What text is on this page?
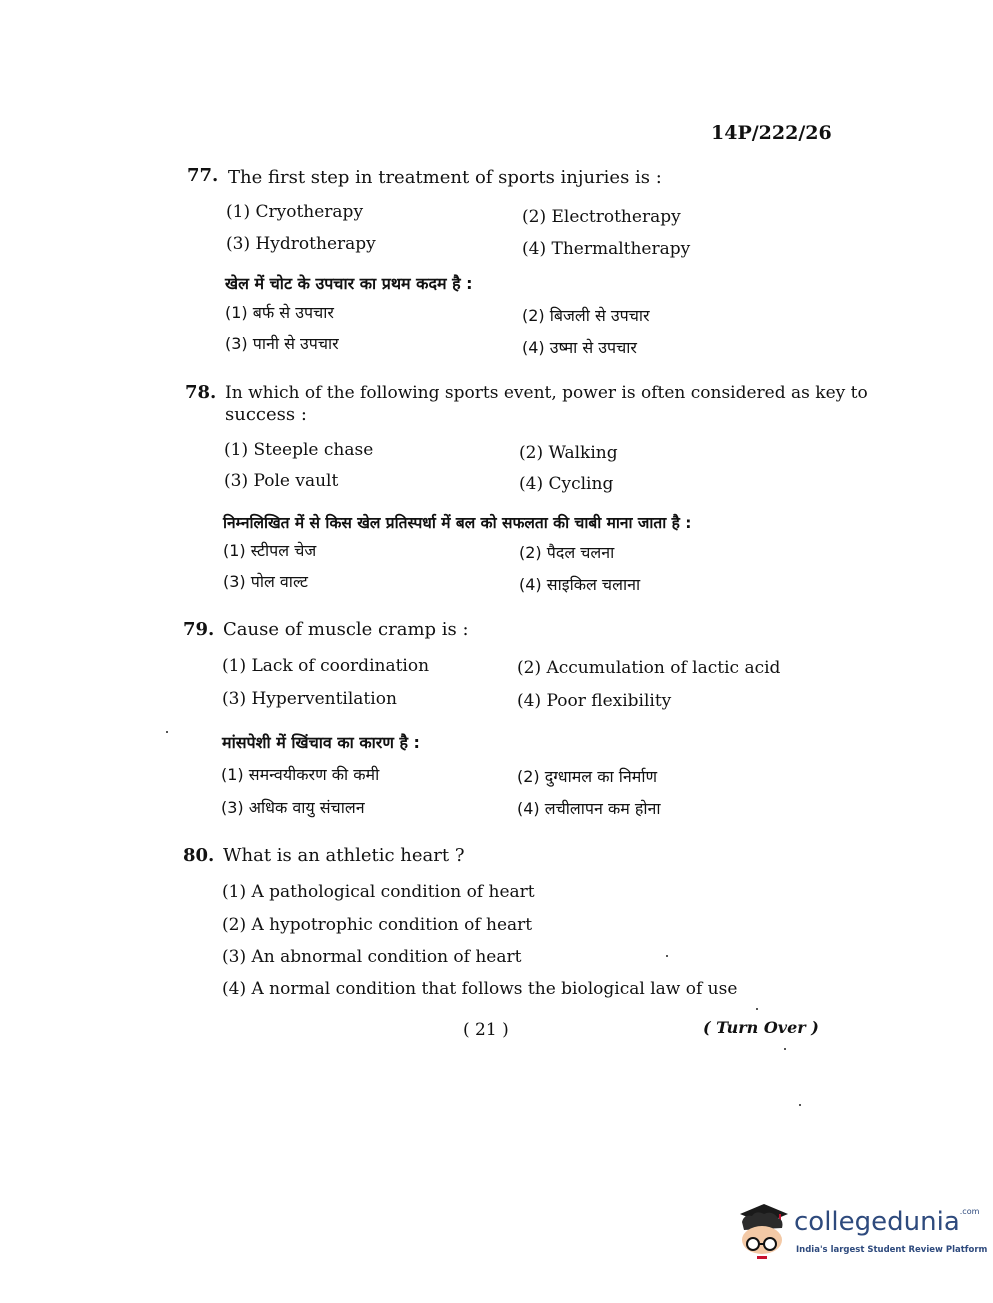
14P/222/26
77. The first step in treatment of sports injuries is :
(1) Cryotherapy	(2) Electrotherapy
(3) Hydrotherapy	(4) Thermaltherapy
खेल में चोट के उपचार का प्रथम कदम है :
(1) बर्फ से उपचार	(2) बिजली से उपचार
(3) पानी से उपचार	(4) उष्मा से उपचार
78. In which of the following sports event, power is often considered as key to
success :
(1) Steeple chase	(2) Walking
(3) Pole vault	(4) Cycling
निम्नलिखित में से किस खेल प्रतिस्पर्धा में बल को सफलता की चाबी माना जाता है :
(1) स्टीपल चेज	(2) पैदल चलना
(3) पोल वाल्ट	(4) साइकिल चलाना
79. Cause of muscle cramp is :
(1) Lack of coordination	(2) Accumulation of lactic acid
(3) Hyperventilation	(4) Poor flexibility
मांसपेशी में खिंचाव का कारण है :
(1) समन्वयीकरण की कमी	(2) दुग्धामल का निर्माण
(3) अधिक वायु संचालन	(4) लचीलापन कम होना
80. What is an athletic heart ?
(1) A pathological condition of heart
(2) A hypotrophic condition of heart
(3) An abnormal condition of heart
(4) A normal condition that follows the biological law of use
( 21 )	( Turn Over )
collegedunia$^{.com}$
India's largest Student Review Platform
